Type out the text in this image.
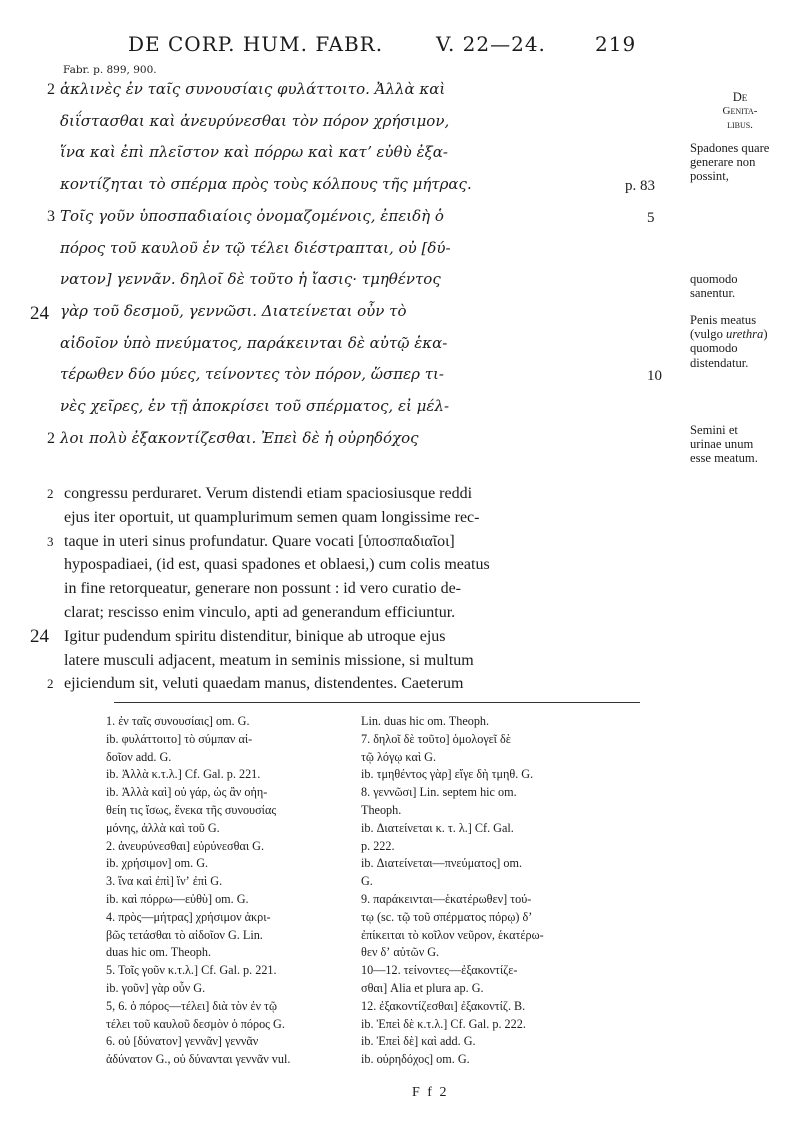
DE CORP. HUM. FABR.	V. 22—24. 219
Fabr. p. 899, 900.
2 ἀκλινὲς ἐν ταῖς συνουσίαις φυλάττοιτο. Ἀλλὰ καὶ
διΐστασθαι καὶ ἀνευρύνεσθαι τὸν πόρον χρήσιμον,
ἵνα καὶ ἐπὶ πλεῖστον καὶ πόρρω καὶ κατʼ εὐθὺ ἐξα-
κοντίζηται τὸ σπέρμα πρὸς τοὺς κόλπους τῆς μήτρας.	p. 83
3 Τοῖς γοῦν ὑποσπαδιαίοις ὀνομαζομένοις, ἐπειδὴ ὁ	5
πόρος τοῦ καυλοῦ ἐν τῷ τέλει διέστραπται, οὐ [δύ-
νατον] γεννᾶν. δηλοῖ δὲ τοῦτο ἡ ἴασις· τμηθέντος
24 γὰρ τοῦ δεσμοῦ, γεννῶσι. Διατείνεται οὖν τὸ
αἰδοῖον ὑπὸ πνεύματος, παράκεινται δὲ αὐτῷ ἑκα-
τέρωθεν δύο μύες, τείνοντες τὸν πόρον, ὥσπερ τι-	10
νὲς χεῖρες, ἐν τῇ ἀποκρίσει τοῦ σπέρματος, εἰ μέλ-
2 λοι πολὺ ἐξακοντίζεσθαι. Ἐπεὶ δὲ ἡ οὐρηδόχος
De
Genita-
libus.
Spadones quare generare non possint,
quomodo sanentur.
Penis meatus (vulgo urethra) quomodo distendatur.
Semini et urinae unum esse meatum.
2 congressu perduraret. Verum distendi etiam spaciosiusque reddi
ejus iter oportuit, ut quamplurimum semen quam longissime rec-
3 taque in uteri sinus profundatur. Quare vocati [ὑποσπαδιαῖοι]
hypospadiaei, (id est, quasi spadones et oblaesi,) cum colis meatus
in fine retorqueatur, generare non possunt : id vero curatio de-
clarat; rescisso enim vinculo, apti ad generandum efficiuntur.
24 Igitur pudendum spiritu distenditur, binique ab utroque ejus
latere musculi adjacent, meatum in seminis missione, si multum
2 ejiciendum sit, veluti quaedam manus, distendentes. Caeterum
1. ἐν ταῖς συνουσίαις] om. G.
ib. φυλάττοιτο] τὸ σύμπαν αἰ-
δοῖον add. G.
ib. Ἀλλὰ κ.τ.λ.] Cf. Gal. p. 221.
ib. Ἀλλὰ καὶ] οὐ γάρ, ὡς ἂν οἠη-
θείη τις ἴσως, ἕνεκα τῆς συνουσίας
μόνης, ἀλλὰ καὶ τοῦ G.
2. ἀνευρύνεσθαι] εὐρύνεσθαι G.
ib. χρήσιμον] om. G.
3. ἵνα καὶ ἐπὶ] ἵνʼ ἐπὶ G.
ib. καὶ πόρρω—εὐθὺ] om. G.
4. πρὸς—μήτρας] χρήσιμον ἀκρι-
βῶς τετάσθαι τὸ αἰδοῖον G. Lin.
duas hic om. Theoph.
5. Τοῖς γοῦν κ.τ.λ.] Cf. Gal. p. 221.
ib. γοῦν] γὰρ οὖν G.
5, 6. ὁ πόρος—τέλει] διὰ τὸν ἐν τῷ
τέλει τοῦ καυλοῦ δεσμὸν ὁ πόρος G.
6. οὐ [δύνατον] γεννᾶν] γεννᾶν
ἀδύνατον G., οὐ δύνανται γεννᾶν vul.
Lin. duas hic om. Theoph.
7. δηλοῖ δὲ τοῦτο] ὁμολογεῖ δὲ
τῷ λόγῳ καὶ G.
ib. τμηθέντος γὰρ] εἴγε δὴ τμηθ. G.
8. γεννῶσι] Lin. septem hic om.
Theoph.
ib. Διατείνεται κ. τ. λ.] Cf. Gal.
p. 222.
ib. Διατείνεται—πνεύματος] om.
G.
9. παράκεινται—ἑκατέρωθεν] τού-
τῳ (sc. τῷ τοῦ σπέρματος πόρῳ) δʼ
ἐπίκειται τὸ κοῖλον νεῦρον, ἑκατέρω-
θεν δʼ αὐτῶν G.
10—12. τείνοντες—ἐξακοντίζε-
σθαι] Alia et plura ap. G.
12. ἐξακοντίζεσθαι] ἐξακοντίζ. B.
ib. Ἐπεὶ δὲ κ.τ.λ.] Cf. Gal. p. 222.
ib. Ἐπεὶ δὲ] καὶ add. G.
ib. οὐρηδόχος] om. G.
F f 2
